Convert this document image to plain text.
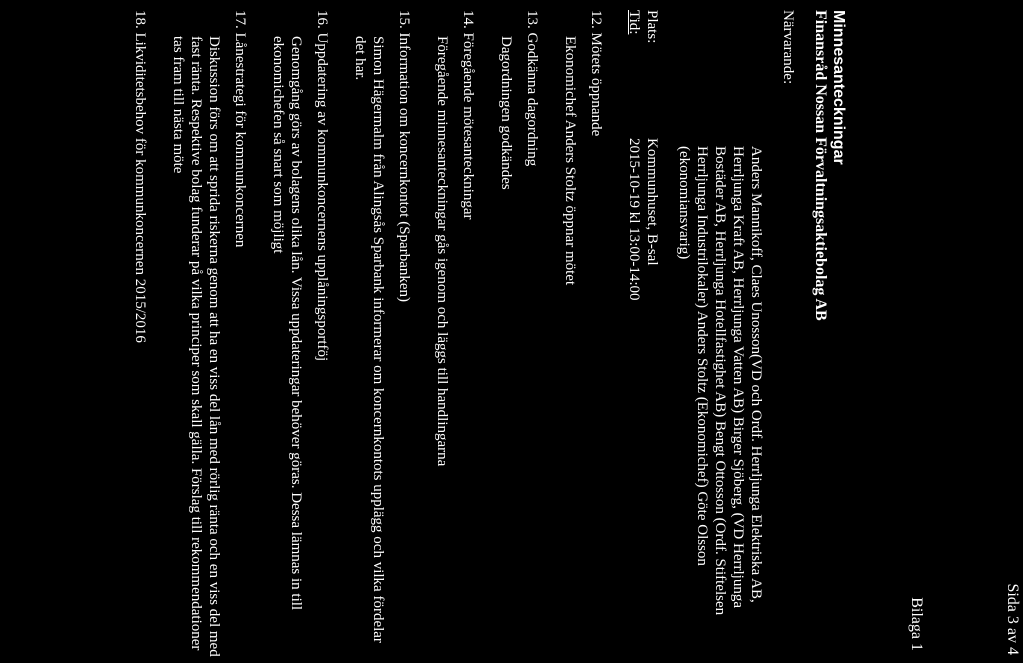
Sida 3 av 4
Bilaga 1
Minnesanteckningar
Finansråd Nossan Förvaltningsaktiebolag AB
Närvarande:
Anders Mannikoff, Claes Unosson(VD och Ordf. Herrljunga Elektriska AB, Herrljunga Kraft AB, Herrljunga Vatten AB) Birger Sjöberg, (VD Herrljunga Bostäder AB, Herrljunga Hotellfastighet AB) Bengt Ottosson (Ordf. Stiftelsen Herrljunga Industrilokaler) Anders Stoltz (Ekonomichef) Göte Olsson (ekonomiansvarig)
Plats:
Kommunhuset, B-sal
Tid:
2015-10-19 kl 13:00-14:00
12. Mötets öppnande
Ekonomichef Anders Stoltz öppnar mötet
13. Godkänna dagordning
Dagordningen godkändes
14. Föregående mötesanteckningar
Föregående minnesanteckningar gås igenom och läggs till handlingarna
15. Information om koncernkontot (Sparbanken)
Simon Hägermalm från Alingsås Sparbank informerar om koncernkontots upplägg och vilka fördelar det har.
16. Uppdatering av kommunkoncernens upplåningsportföj
Genomgång görs av bolagens olika lån. Vissa uppdateringar behöver göras. Dessa lämnas in till ekonomichefen så snart som möjligt
17. Lånestrategi för kommunkoncernen
Diskussion förs om att sprida riskerna genom att ha en viss del lån med rörlig ränta och en viss del med fast ränta. Respektive bolag funderar på vilka principer som skall gälla. Förslag till rekommendationer tas fram till nästa möte
18. Likviditetsbehov för kommunkoncernen 2015/2016
